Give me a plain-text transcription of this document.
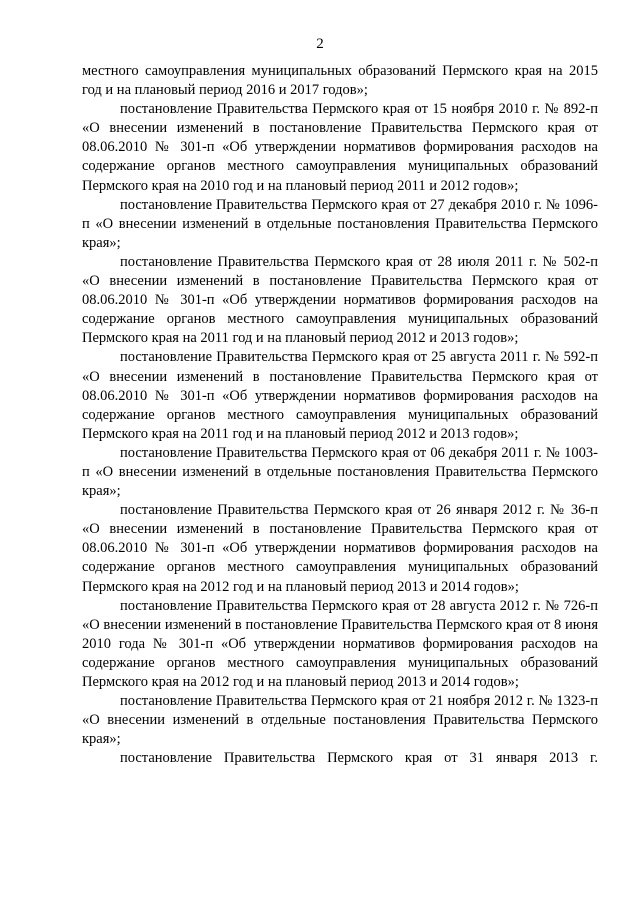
2

местного самоуправления муниципальных образований Пермского края на 2015 год и на плановый период 2016 и 2017 годов»;

постановление Правительства Пермского края от 15 ноября 2010 г. № 892-п «О внесении изменений в постановление Правительства Пермского края от 08.06.2010 № 301-п «Об утверждении нормативов формирования расходов на содержание органов местного самоуправления муниципальных образований Пермского края на 2010 год и на плановый период 2011 и 2012 годов»;

постановление Правительства Пермского края от 27 декабря 2010 г. № 1096-п «О внесении изменений в отдельные постановления Правительства Пермского края»;

постановление Правительства Пермского края от 28 июля 2011 г. № 502-п «О внесении изменений в постановление Правительства Пермского края от 08.06.2010 № 301-п «Об утверждении нормативов формирования расходов на содержание органов местного самоуправления муниципальных образований Пермского края на 2011 год и на плановый период 2012 и 2013 годов»;

постановление Правительства Пермского края от 25 августа 2011 г. № 592-п «О внесении изменений в постановление Правительства Пермского края от 08.06.2010 № 301-п «Об утверждении нормативов формирования расходов на содержание органов местного самоуправления муниципальных образований Пермского края на 2011 год и на плановый период 2012 и 2013 годов»;

постановление Правительства Пермского края от 06 декабря 2011 г. № 1003-п «О внесении изменений в отдельные постановления Правительства Пермского края»;

постановление Правительства Пермского края от 26 января 2012 г. № 36-п «О внесении изменений в постановление Правительства Пермского края от 08.06.2010 № 301-п «Об утверждении нормативов формирования расходов на содержание органов местного самоуправления муниципальных образований Пермского края на 2012 год и на плановый период 2013 и 2014 годов»;

постановление Правительства Пермского края от 28 августа 2012 г. № 726-п «О внесении изменений в постановление Правительства Пермского края от 8 июня 2010 года № 301-п «Об утверждении нормативов формирования расходов на содержание органов местного самоуправления муниципальных образований Пермского края на 2012 год и на плановый период 2013 и 2014 годов»;

постановление Правительства Пермского края от 21 ноября 2012 г. № 1323-п «О внесении изменений в отдельные постановления Правительства Пермского края»;

постановление Правительства Пермского края от 31 января 2013 г.
